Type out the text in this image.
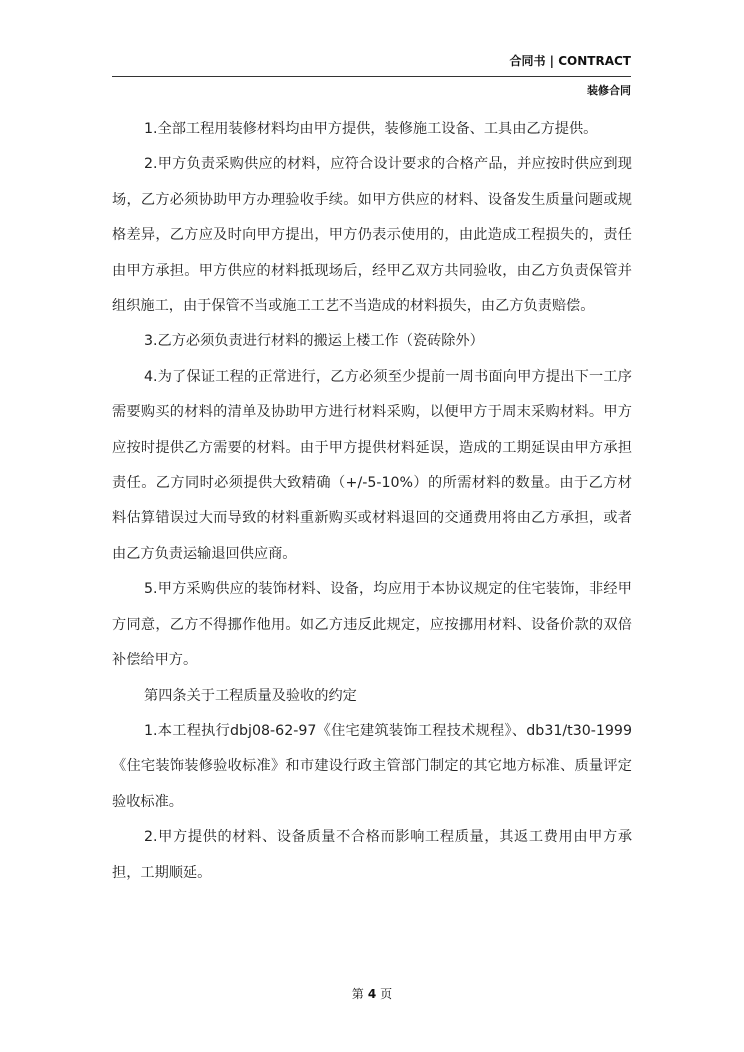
合同书 | CONTRACT
装修合同

1.全部工程用装修材料均由甲方提供，装修施工设备、工具由乙方提供。

2.甲方负责采购供应的材料，应符合设计要求的合格产品，并应按时供应到现场，乙方必须协助甲方办理验收手续。如甲方供应的材料、设备发生质量问题或规格差异，乙方应及时向甲方提出，甲方仍表示使用的，由此造成工程损失的，责任由甲方承担。甲方供应的材料抵现场后，经甲乙双方共同验收，由乙方负责保管并组织施工，由于保管不当或施工工艺不当造成的材料损失，由乙方负责赔偿。

3.乙方必须负责进行材料的搬运上楼工作（瓷砖除外）

4.为了保证工程的正常进行，乙方必须至少提前一周书面向甲方提出下一工序需要购买的材料的清单及协助甲方进行材料采购，以便甲方于周末采购材料。甲方应按时提供乙方需要的材料。由于甲方提供材料延误，造成的工期延误由甲方承担责任。乙方同时必须提供大致精确（+/-5-10%）的所需材料的数量。由于乙方材料估算错误过大而导致的材料重新购买或材料退回的交通费用将由乙方承担，或者由乙方负责运输退回供应商。

5.甲方采购供应的装饰材料、设备，均应用于本协议规定的住宅装饰，非经甲方同意，乙方不得挪作他用。如乙方违反此规定，应按挪用材料、设备价款的双倍补偿给甲方。

第四条关于工程质量及验收的约定

1.本工程执行dbj08-62-97《住宅建筑装饰工程技术规程》、db31/t30-1999《住宅装饰装修验收标准》和市建设行政主管部门制定的其它地方标准、质量评定验收标准。

2.甲方提供的材料、设备质量不合格而影响工程质量，其返工费用由甲方承担，工期顺延。

第 4 页
